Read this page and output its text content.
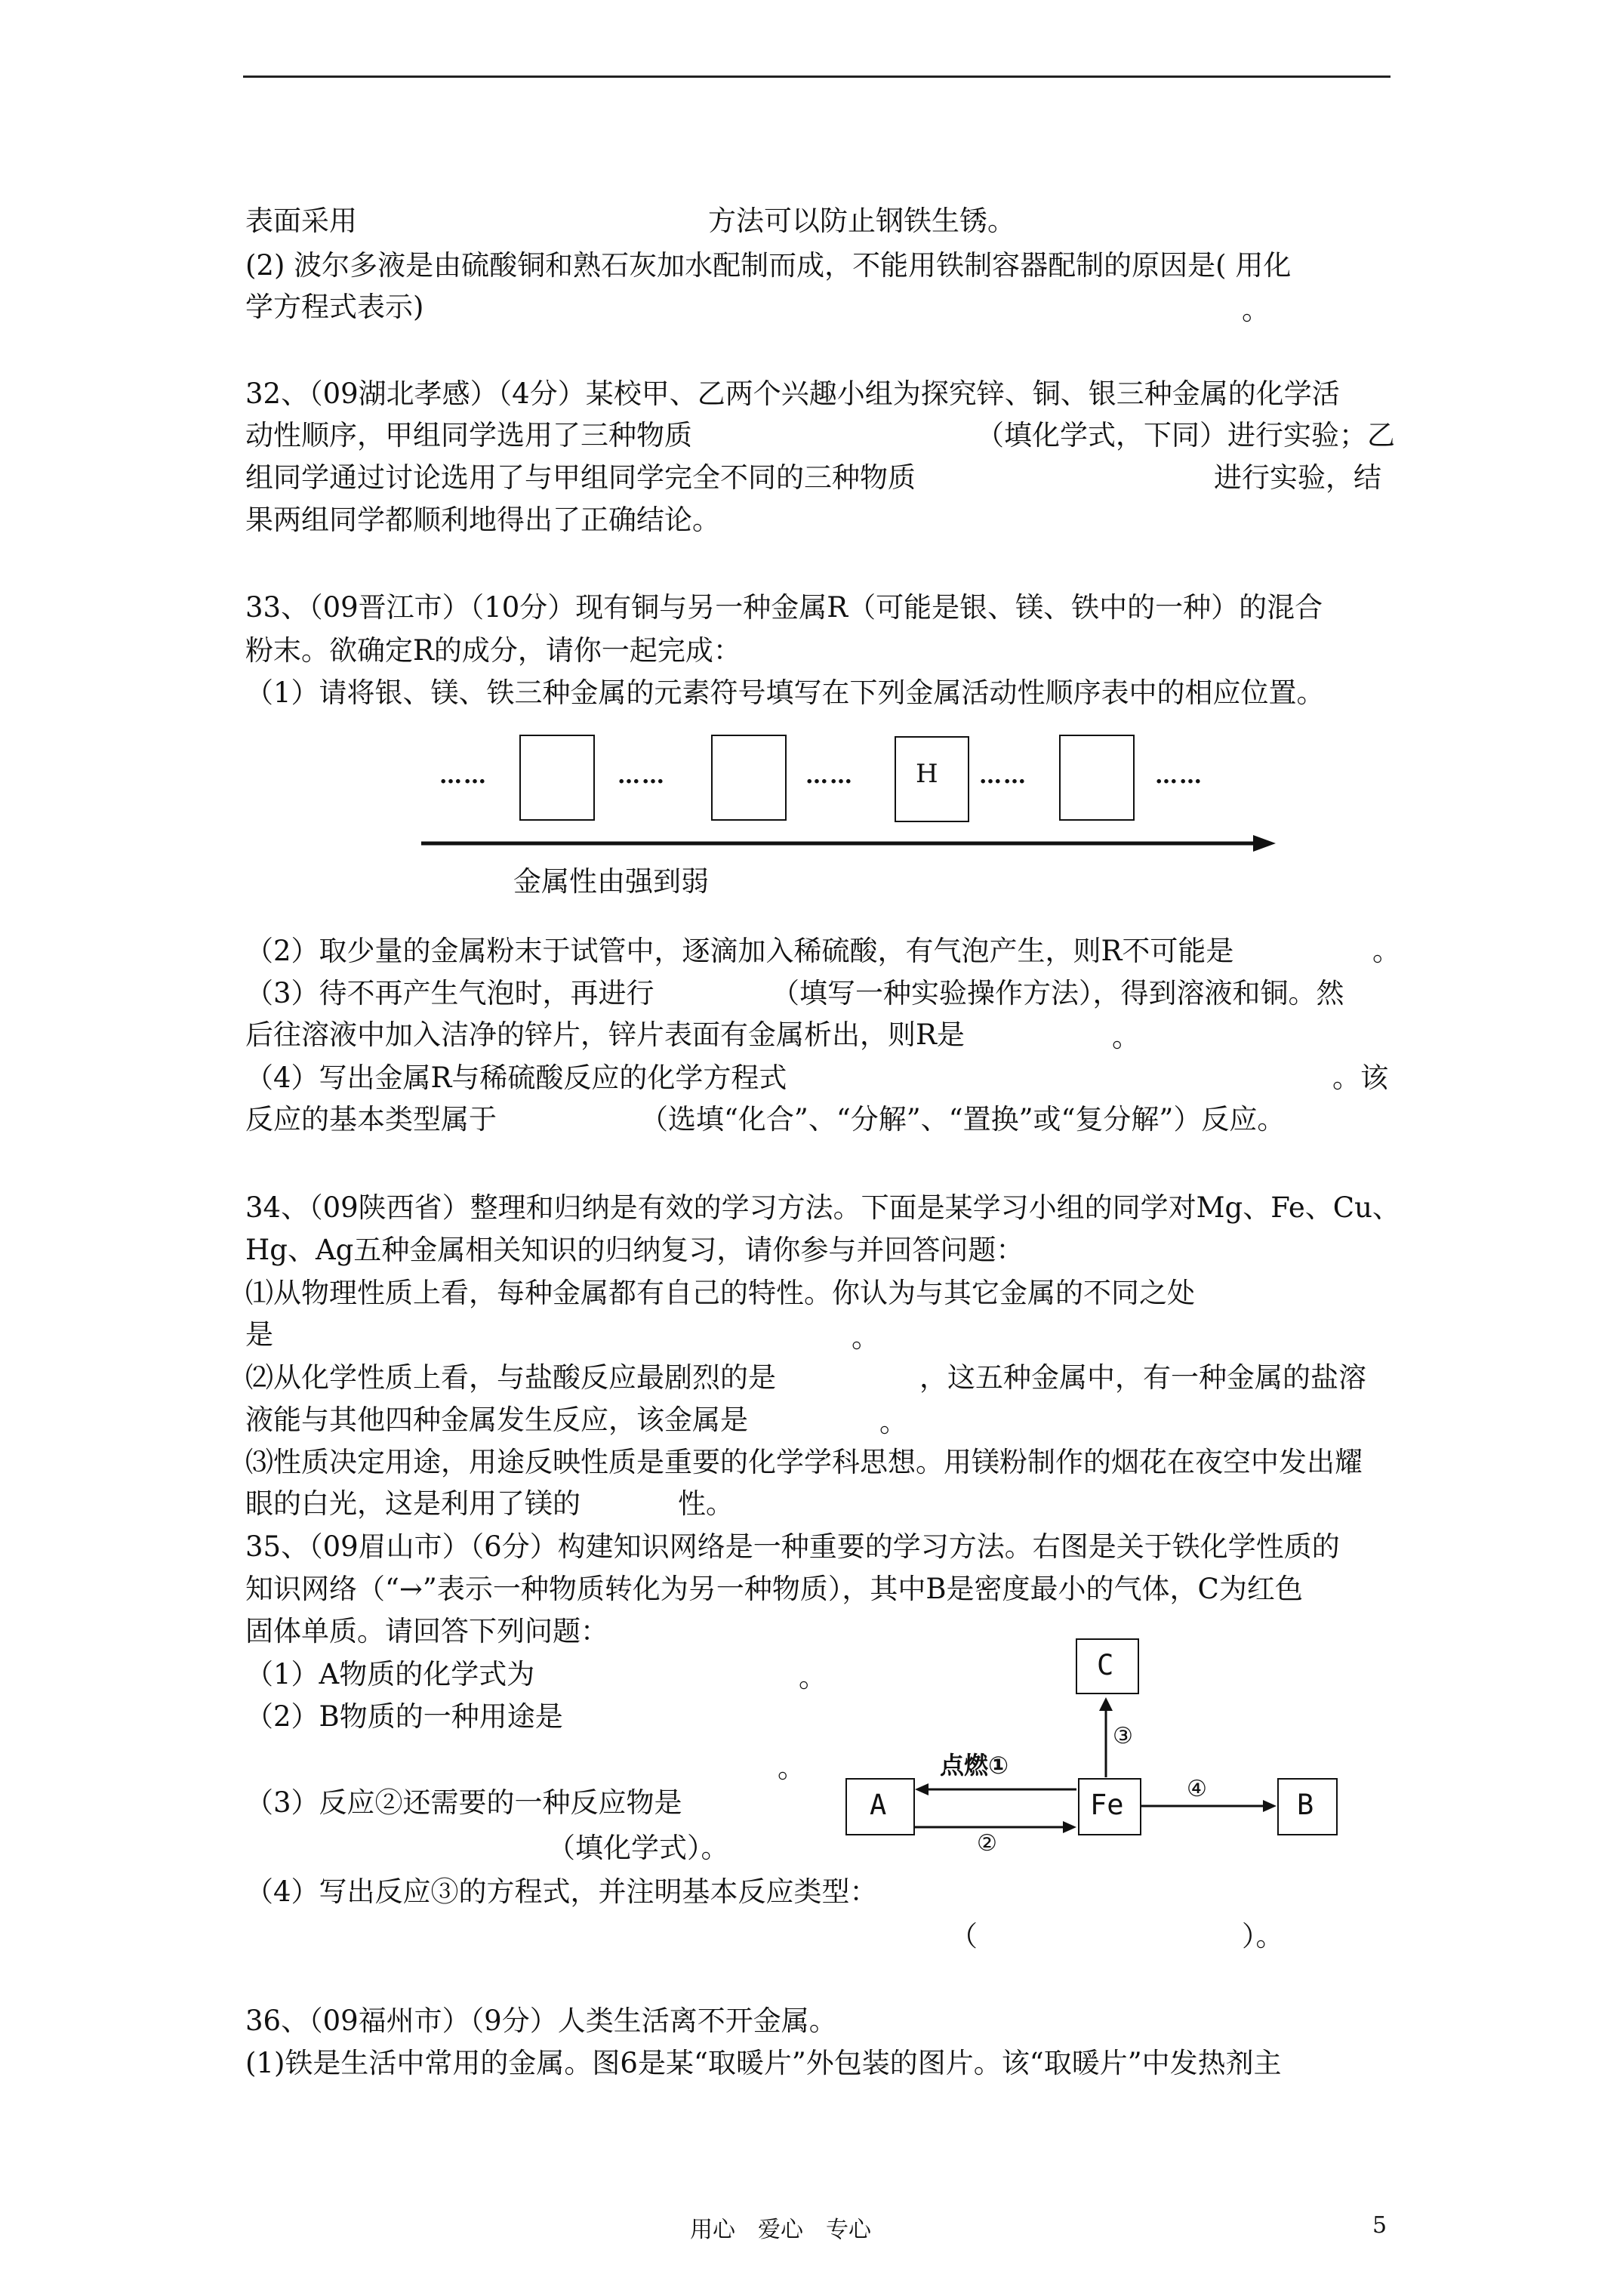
表面采用	方法可以防止钢铁生锈。
(2) 波尔多液是由硫酸铜和熟石灰加水配制而成，不能用铁制容器配制的原因是( 用化
学方程式表示)	。
32、（09湖北孝感）（4分）某校甲、乙两个兴趣小组为探究锌、铜、银三种金属的化学活
动性顺序，甲组同学选用了三种物质	（填化学式，下同）进行实验；乙
组同学通过讨论选用了与甲组同学完全不同的三种物质	进行实验，结
果两组同学都顺利地得出了正确结论。
33、（09晋江市）（10分）现有铜与另一种金属R（可能是银、镁、铁中的一种）的混合
粉末。欲确定R的成分，请你一起完成：
（1）请将银、镁、铁三种金属的元素符号填写在下列金属活动性顺序表中的相应位置。
（2）取少量的金属粉末于试管中，逐滴加入稀硫酸，有气泡产生，则R不可能是	。
（3）待不再产生气泡时，再进行	（填写一种实验操作方法），得到溶液和铜。然
后往溶液中加入洁净的锌片，锌片表面有金属析出，则R是	。
（4）写出金属R与稀硫酸反应的化学方程式	。该
反应的基本类型属于	（选填“化合”、“分解”、“置换”或“复分解”）反应。
34、（09陕西省）整理和归纳是有效的学习方法。下面是某学习小组的同学对Mg、Fe、Cu、
Hg、Ag五种金属相关知识的归纳复习，请你参与并回答问题：
⑴从物理性质上看，每种金属都有自己的特性。你认为与其它金属的不同之处
是	。
⑵从化学性质上看，与盐酸反应最剧烈的是	，这五种金属中，有一种金属的盐溶
液能与其他四种金属发生反应，该金属是	。
⑶性质决定用途，用途反映性质是重要的化学学科思想。用镁粉制作的烟花在夜空中发出耀
眼的白光，这是利用了镁的	性。
35、（09眉山市）（6分）构建知识网络是一种重要的学习方法。右图是关于铁化学性质的
知识网络（“→”表示一种物质转化为另一种物质），其中B是密度最小的气体，C为红色
固体单质。请回答下列问题：
（1）A物质的化学式为	。
（2）B物质的一种用途是
。
（3）反应②还需要的一种反应物是
（填化学式）。
（4）写出反应③的方程式，并注明基本反应类型：
（	）。
36、（09福州市）（9分）人类生活离不开金属。
(1)铁是生活中常用的金属。图6是某“取暖片”外包装的图片。该“取暖片”中发热剂主
……	……	…… H ……	……
金属性由强到弱
C
③
A
点燃①
②
Fe	④	B
用心　爱心　专心	5
